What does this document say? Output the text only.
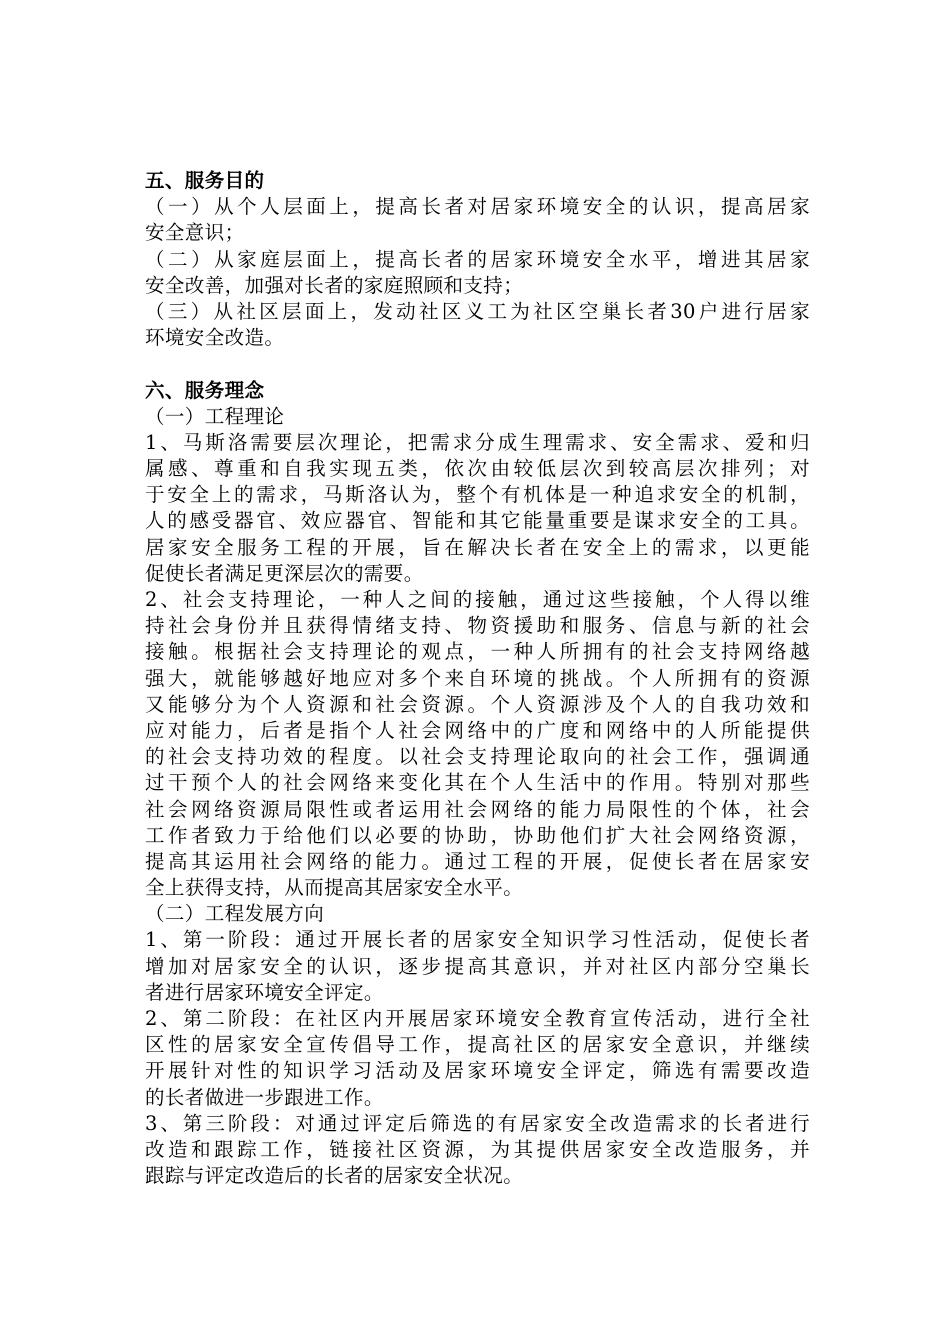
五、服务目的
（一）从个人层面上，提高长者对居家环境安全的认识，提高居家
安全意识；
（二）从家庭层面上，提高长者的居家环境安全水平，增进其居家
安全改善，加强对长者的家庭照顾和支持；
（三）从社区层面上，发动社区义工为社区空巢长者30户进行居家
环境安全改造。
六、服务理念
（一）工程理论
1、马斯洛需要层次理论，把需求分成生理需求、安全需求、爱和归
属感、尊重和自我实现五类，依次由较低层次到较高层次排列；对
于安全上的需求，马斯洛认为，整个有机体是一种追求安全的机制，
人的感受器官、效应器官、智能和其它能量重要是谋求安全的工具。
居家安全服务工程的开展，旨在解决长者在安全上的需求，以更能
促使长者满足更深层次的需要。
2、社会支持理论，一种人之间的接触，通过这些接触，个人得以维
持社会身份并且获得情绪支持、物资援助和服务、信息与新的社会
接触。根据社会支持理论的观点，一种人所拥有的社会支持网络越
强大，就能够越好地应对多个来自环境的挑战。个人所拥有的资源
又能够分为个人资源和社会资源。个人资源涉及个人的自我功效和
应对能力，后者是指个人社会网络中的广度和网络中的人所能提供
的社会支持功效的程度。以社会支持理论取向的社会工作，强调通
过干预个人的社会网络来变化其在个人生活中的作用。特别对那些
社会网络资源局限性或者运用社会网络的能力局限性的个体，社会
工作者致力于给他们以必要的协助，协助他们扩大社会网络资源，
提高其运用社会网络的能力。通过工程的开展，促使长者在居家安
全上获得支持，从而提高其居家安全水平。
（二）工程发展方向
1、第一阶段：通过开展长者的居家安全知识学习性活动，促使长者
增加对居家安全的认识，逐步提高其意识，并对社区内部分空巢长
者进行居家环境安全评定。
2、第二阶段：在社区内开展居家环境安全教育宣传活动，进行全社
区性的居家安全宣传倡导工作，提高社区的居家安全意识，并继续
开展针对性的知识学习活动及居家环境安全评定，筛选有需要改造
的长者做进一步跟进工作。
3、第三阶段：对通过评定后筛选的有居家安全改造需求的长者进行
改造和跟踪工作，链接社区资源，为其提供居家安全改造服务，并
跟踪与评定改造后的长者的居家安全状况。
